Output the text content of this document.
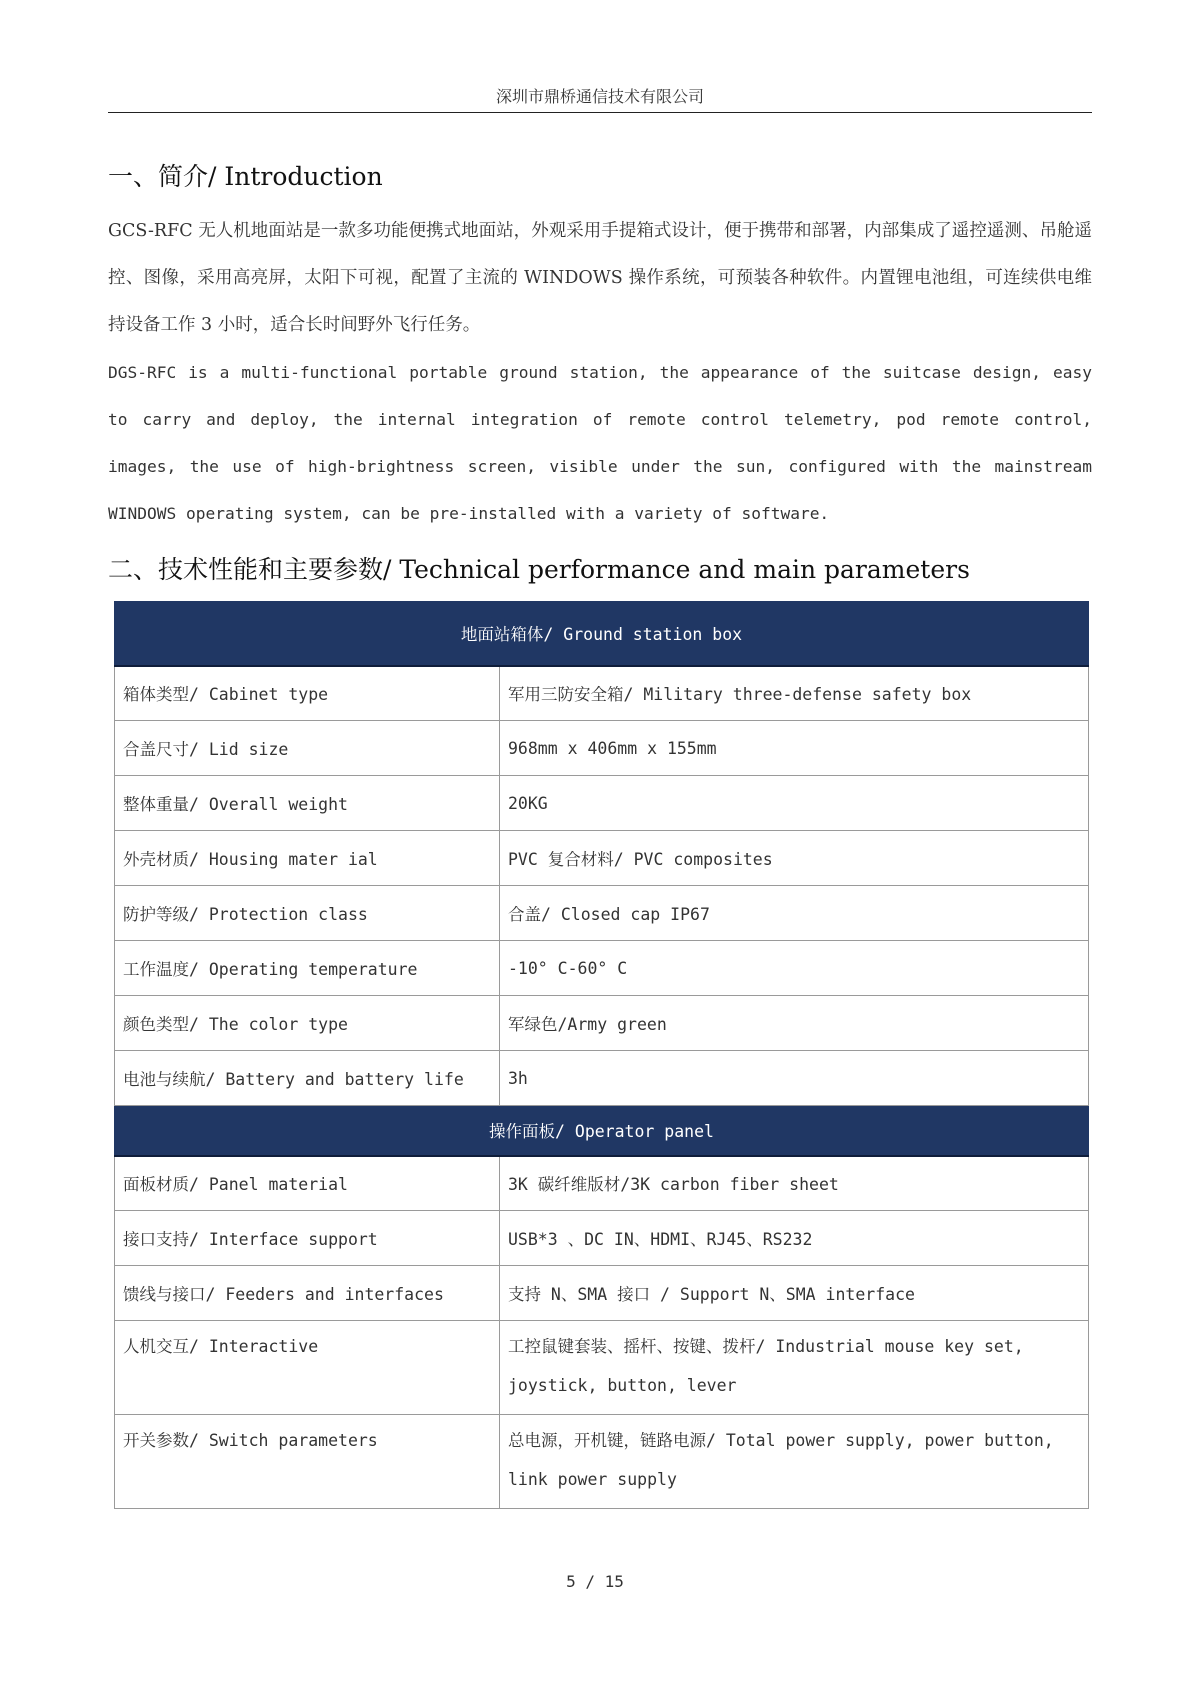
深圳市鼎桥通信技术有限公司
一、简介/ Introduction
GCS-RFC 无人机地面站是一款多功能便携式地面站，外观采用手提箱式设计，便于携带和部署，内部集成了遥控遥测、吊舱遥控、图像，采用高亮屏，太阳下可视，配置了主流的 WINDOWS 操作系统，可预装各种软件。内置锂电池组，可连续供电维持设备工作 3 小时，适合长时间野外飞行任务。
DGS-RFC is a multi-functional portable ground station, the appearance of the suitcase design, easy to carry and deploy, the internal integration of remote control telemetry, pod remote control, images, the use of high-brightness screen, visible under the sun, configured with the mainstream WINDOWS operating system, can be pre-installed with a variety of software.
二、技术性能和主要参数/ Technical performance and main parameters
地面站箱体/ Ground station box	
箱体类型/ Cabinet type	军用三防安全箱/ Military three-defense safety box
合盖尺寸/ Lid size	968mm x 406mm x 155mm
整体重量/ Overall weight	20KG
外壳材质/ Housing mater ial	PVC 复合材料/ PVC composites
防护等级/ Protection class	合盖/ Closed cap IP67
工作温度/ Operating temperature	-10° C-60° C
颜色类型/ The color type	军绿色/Army green
电池与续航/ Battery and battery life	3h
操作面板/ Operator panel	
面板材质/ Panel material	3K 碳纤维版材/3K carbon fiber sheet
接口支持/ Interface support	USB*3 、DC IN、HDMI、RJ45、RS232
馈线与接口/ Feeders and interfaces	支持 N、SMA 接口 / Support N、SMA interface
人机交互/ Interactive	工控鼠键套装、摇杆、按键、拨杆/ Industrial mouse key set, joystick, button, lever
开关参数/ Switch parameters	总电源，开机键，链路电源/ Total power supply, power button, link power supply
5 / 15
